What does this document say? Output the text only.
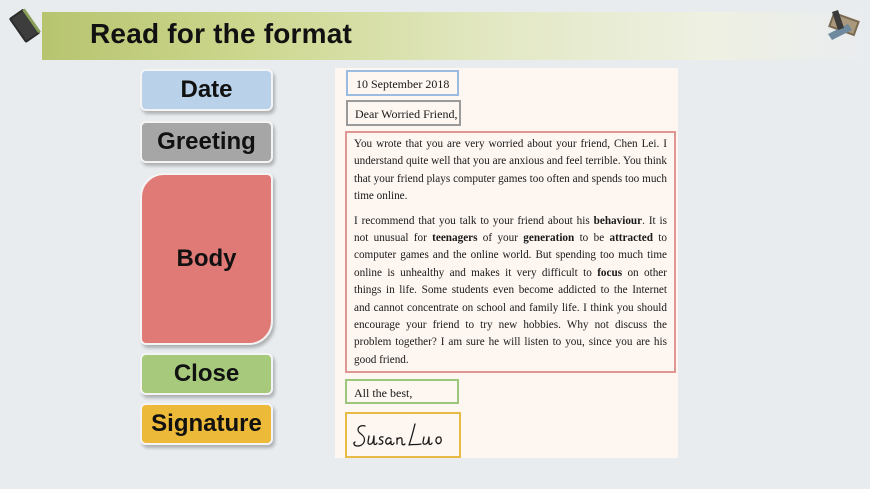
Read for the format
Date
Greeting
Body
Close
Signature
10 September 2018
Dear Worried Friend,

You wrote that you are very worried about your friend, Chen Lei. I understand quite well that you are anxious and feel terrible. You think that your friend plays computer games too often and spends too much time online.

I recommend that you talk to your friend about his behaviour. It is not unusual for teenagers of your generation to be attracted to computer games and the online world. But spending too much time online is unhealthy and makes it very difficult to focus on other things in life. Some students even become addicted to the Internet and cannot concentrate on school and family life. I think you should encourage your friend to try new hobbies. Why not discuss the problem together? I am sure he will listen to you, since you are his good friend.

All the best,
